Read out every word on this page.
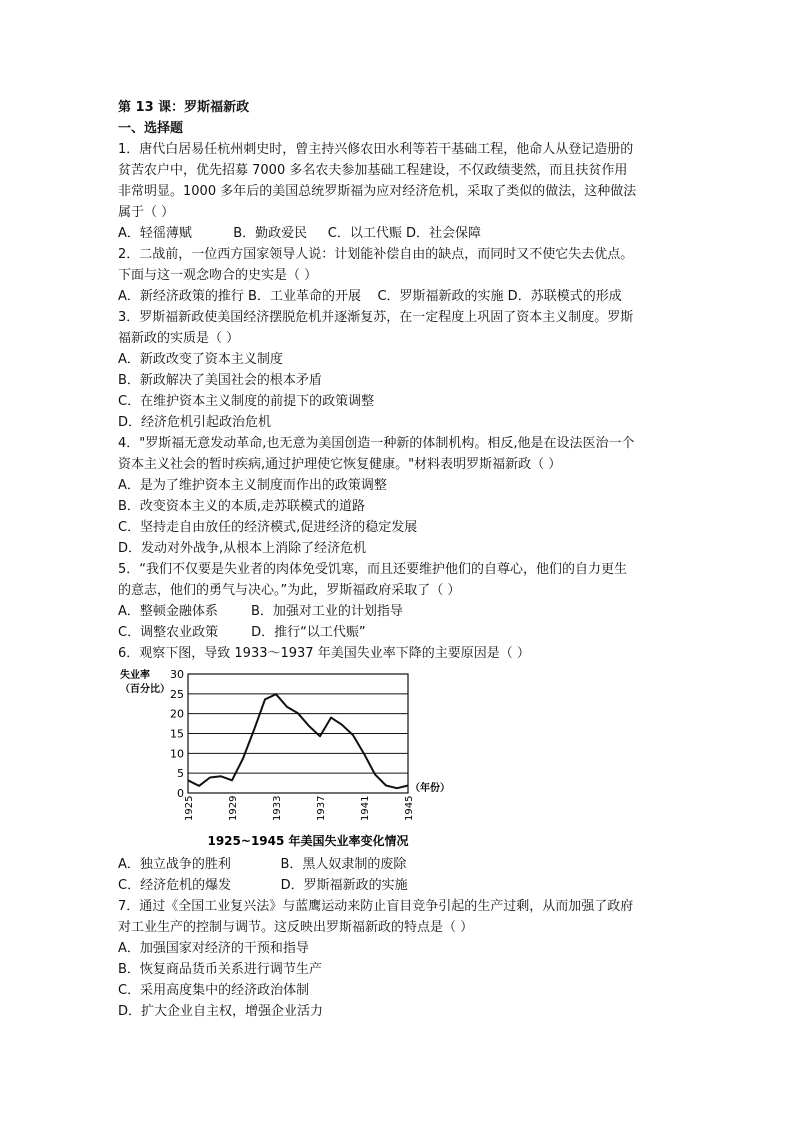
第 13 课：罗斯福新政
一、选择题
1．唐代白居易任杭州刺史时，曾主持兴修农田水利等若干基础工程，他命人从登记造册的
贫苦农户中，优先招募 7000 多名农夫参加基础工程建设，不仅政绩斐然，而且扶贫作用
非常明显。1000 多年后的美国总统罗斯福为应对经济危机，采取了类似的做法，这种做法
属于（ ）
A．轻徭薄赋          B．勤政爱民     C．以工代赈 D．社会保障
2．二战前，一位西方国家领导人说：计划能补偿自由的缺点，而同时又不使它失去优点。
下面与这一观念吻合的史实是（ ）
A．新经济政策的推行 B．工业革命的开展    C．罗斯福新政的实施 D．苏联模式的形成
3．罗斯福新政使美国经济摆脱危机并逐渐复苏，在一定程度上巩固了资本主义制度。罗斯
福新政的实质是（ ）
A．新政改变了资本主义制度
B．新政解决了美国社会的根本矛盾
C．在维护资本主义制度的前提下的政策调整
D．经济危机引起政治危机
4．"罗斯福无意发动革命,也无意为美国创造一种新的体制机构。相反,他是在设法医治一个
资本主义社会的暂时疾病,通过护理使它恢复健康。"材料表明罗斯福新政（ ）
A．是为了维护资本主义制度而作出的政策调整
B．改变资本主义的本质,走苏联模式的道路
C．坚持走自由放任的经济模式,促进经济的稳定发展
D．发动对外战争,从根本上消除了经济危机
5．“我们不仅要是失业者的肉体免受饥寒，而且还要维护他们的自尊心，他们的自力更生
的意志，他们的勇气与决心。”为此，罗斯福政府采取了（ ）
A．整顿金融体系        B．加强对工业的计划指导
C．调整农业政策        D．推行“以工代赈”
6．观察下图，导致 1933～1937 年美国失业率下降的主要原因是（ ）
0
5
10
15
20
25
30
1925	1929	1933	1937	1941	1945
失业率
（百分比）
（年份）
1925~1945 年美国失业率变化情况
A．独立战争的胜利            B．黑人奴隶制的废除
C．经济危机的爆发            D．罗斯福新政的实施
7．通过《全国工业复兴法》与蓝鹰运动来防止盲目竞争引起的生产过剩，从而加强了政府
对工业生产的控制与调节。这反映出罗斯福新政的特点是（ ）
A．加强国家对经济的干预和指导
B．恢复商品货币关系进行调节生产
C．采用高度集中的经济政治体制
D．扩大企业自主权，增强企业活力
